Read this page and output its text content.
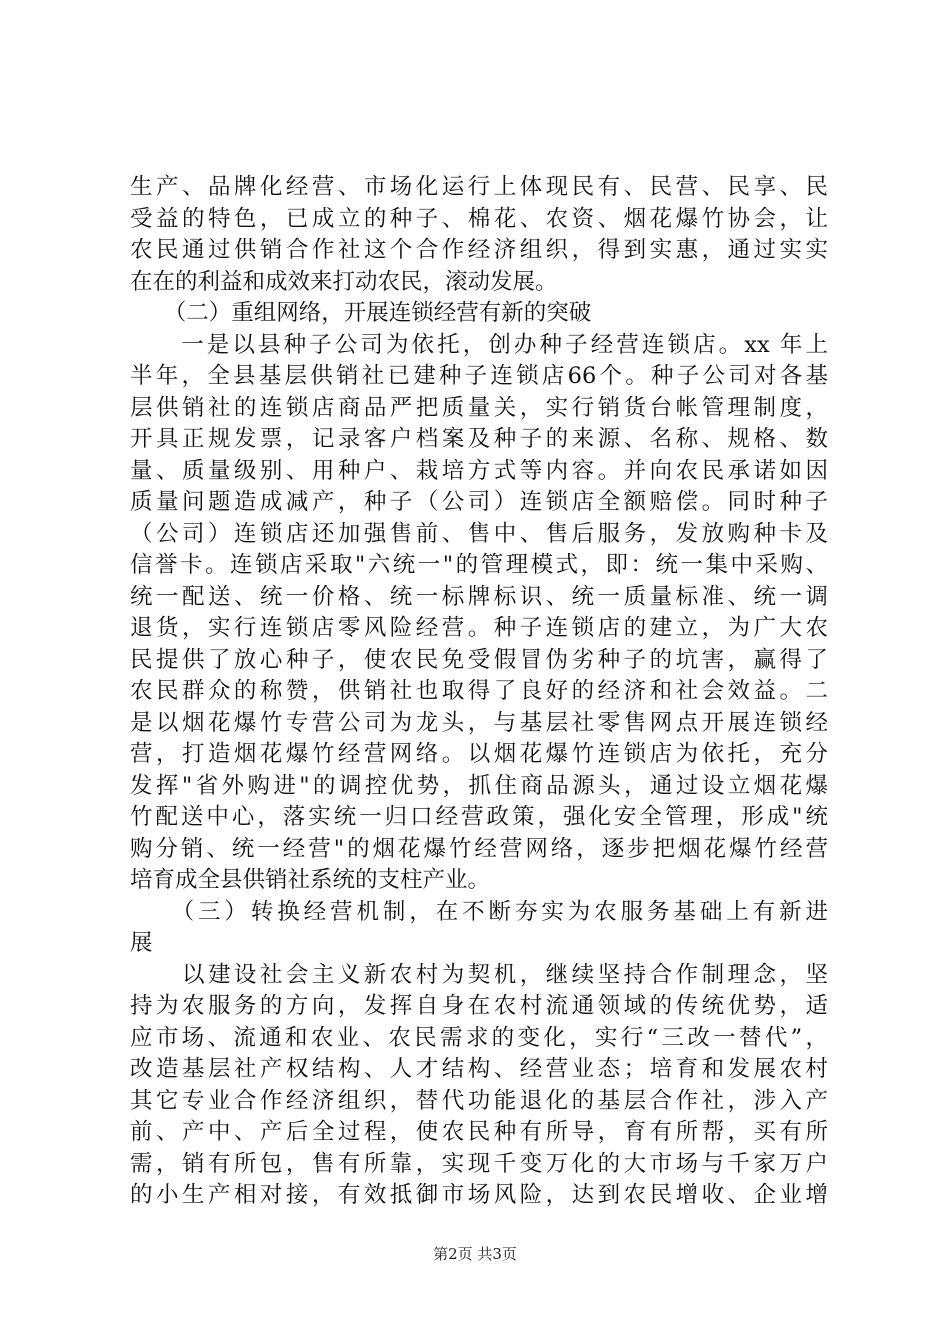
生产、品牌化经营、市场化运行上体现民有、民营、民享、民
受益的特色，已成立的种子、棉花、农资、烟花爆竹协会，让
农民通过供销合作社这个合作经济组织，得到实惠，通过实实
在在的利益和成效来打动农民，滚动发展。
　　（二）重组网络，开展连锁经营有新的突破
　　一是以县种子公司为依托，创办种子经营连锁店。xx 年上
半年，全县基层供销社已建种子连锁店66个。种子公司对各基
层供销社的连锁店商品严把质量关，实行销货台帐管理制度，
开具正规发票，记录客户档案及种子的来源、名称、规格、数
量、质量级别、用种户、栽培方式等内容。并向农民承诺如因
质量问题造成减产，种子（公司）连锁店全额赔偿。同时种子
（公司）连锁店还加强售前、售中、售后服务，发放购种卡及
信誉卡。连锁店采取"六统一"的管理模式，即：统一集中采购、
统一配送、统一价格、统一标牌标识、统一质量标准、统一调
退货，实行连锁店零风险经营。种子连锁店的建立，为广大农
民提供了放心种子，使农民免受假冒伪劣种子的坑害，赢得了
农民群众的称赞，供销社也取得了良好的经济和社会效益。二
是以烟花爆竹专营公司为龙头，与基层社零售网点开展连锁经
营，打造烟花爆竹经营网络。以烟花爆竹连锁店为依托，充分
发挥"省外购进"的调控优势，抓住商品源头，通过设立烟花爆
竹配送中心，落实统一归口经营政策，强化安全管理，形成"统
购分销、统一经营"的烟花爆竹经营网络，逐步把烟花爆竹经营
培育成全县供销社系统的支柱产业。
　　（三）转换经营机制，在不断夯实为农服务基础上有新进
展
　　以建设社会主义新农村为契机，继续坚持合作制理念，坚
持为农服务的方向，发挥自身在农村流通领域的传统优势，适
应市场、流通和农业、农民需求的变化，实行“三改一替代”，
改造基层社产权结构、人才结构、经营业态；培育和发展农村
其它专业合作经济组织，替代功能退化的基层合作社，涉入产
前、产中、产后全过程，使农民种有所导，育有所帮，买有所
需，销有所包，售有所靠，实现千变万化的大市场与千家万户
的小生产相对接，有效抵御市场风险，达到农民增收、企业增
第2页 共3页
